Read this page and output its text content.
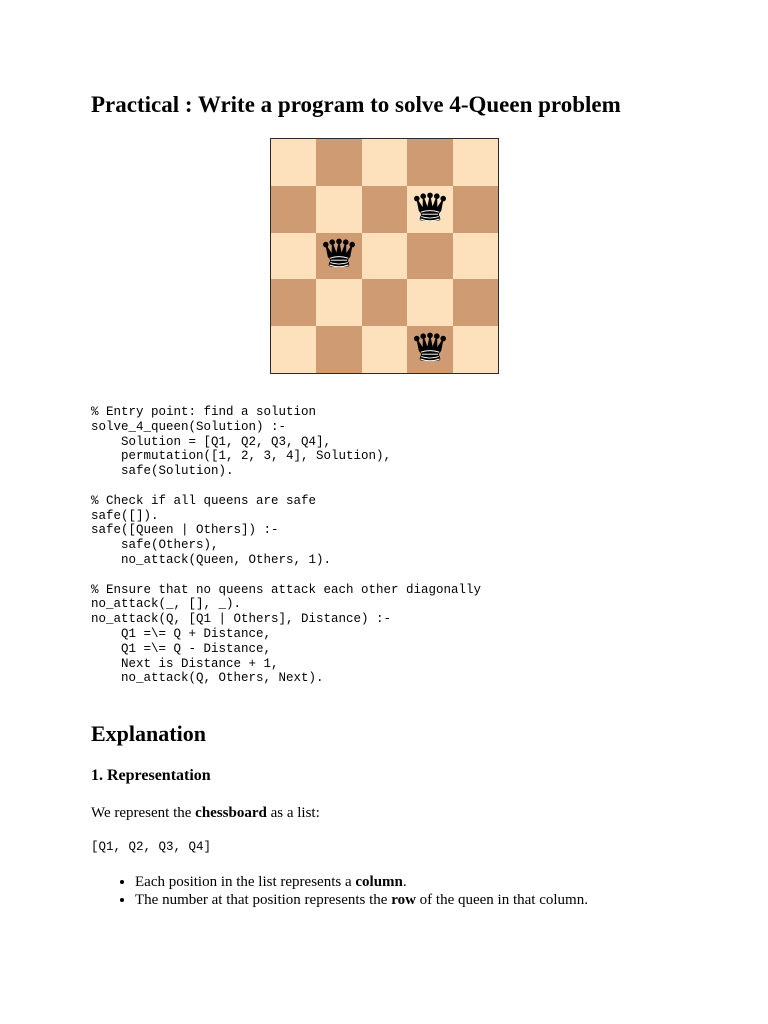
Practical : Write a program to solve 4-Queen problem
% Entry point: find a solution
solve_4_queen(Solution) :-
Solution = [Q1, Q2, Q3, Q4],
permutation([1, 2, 3, 4], Solution),
safe(Solution).

% Check if all queens are safe
safe([]).
safe([Queen | Others]) :-
safe(Others),
no_attack(Queen, Others, 1).

% Ensure that no queens attack each other diagonally
no_attack(_, [], _).
no_attack(Q, [Q1 | Others], Distance) :-
Q1 =\= Q + Distance,
Q1 =\= Q - Distance,
Next is Distance + 1,
no_attack(Q, Others, Next).
Explanation
1. Representation

We represent the chessboard as a list:

[Q1, Q2, Q3, Q4]
• Each position in the list represents a column.
• The number at that position represents the row of the queen in that column.
